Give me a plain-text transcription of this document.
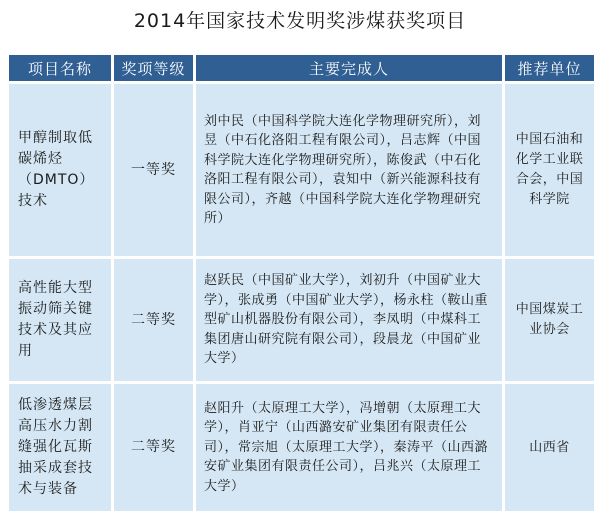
2014年国家技术发明奖涉煤获奖项目
项目名称	奖项等级	主要完成人	推荐单位
甲醇制取低碳烯烃（DMTO）技术	一等奖	刘中民（中国科学院大连化学物理研究所），刘昱（中石化洛阳工程有限公司），吕志辉（中国科学院大连化学物理研究所），陈俊武（中石化洛阳工程有限公司），袁知中（新兴能源科技有限公司），齐越（中国科学院大连化学物理研究所）	中国石油和化学工业联合会，中国科学院
高性能大型振动筛关键技术及其应用	二等奖	赵跃民（中国矿业大学），刘初升（中国矿业大学），张成勇（中国矿业大学），杨永柱（鞍山重型矿山机器股份有限公司），李凤明（中煤科工集团唐山研究院有限公司），段晨龙（中国矿业大学）	中国煤炭工业协会
低渗透煤层高压水力割缝强化瓦斯抽采成套技术与装备	二等奖	赵阳升（太原理工大学），冯增朝（太原理工大学），肖亚宁（山西潞安矿业集团有限责任公司），常宗旭（太原理工大学），秦涛平（山西潞安矿业集团有限责任公司），吕兆兴（太原理工大学）	山西省
